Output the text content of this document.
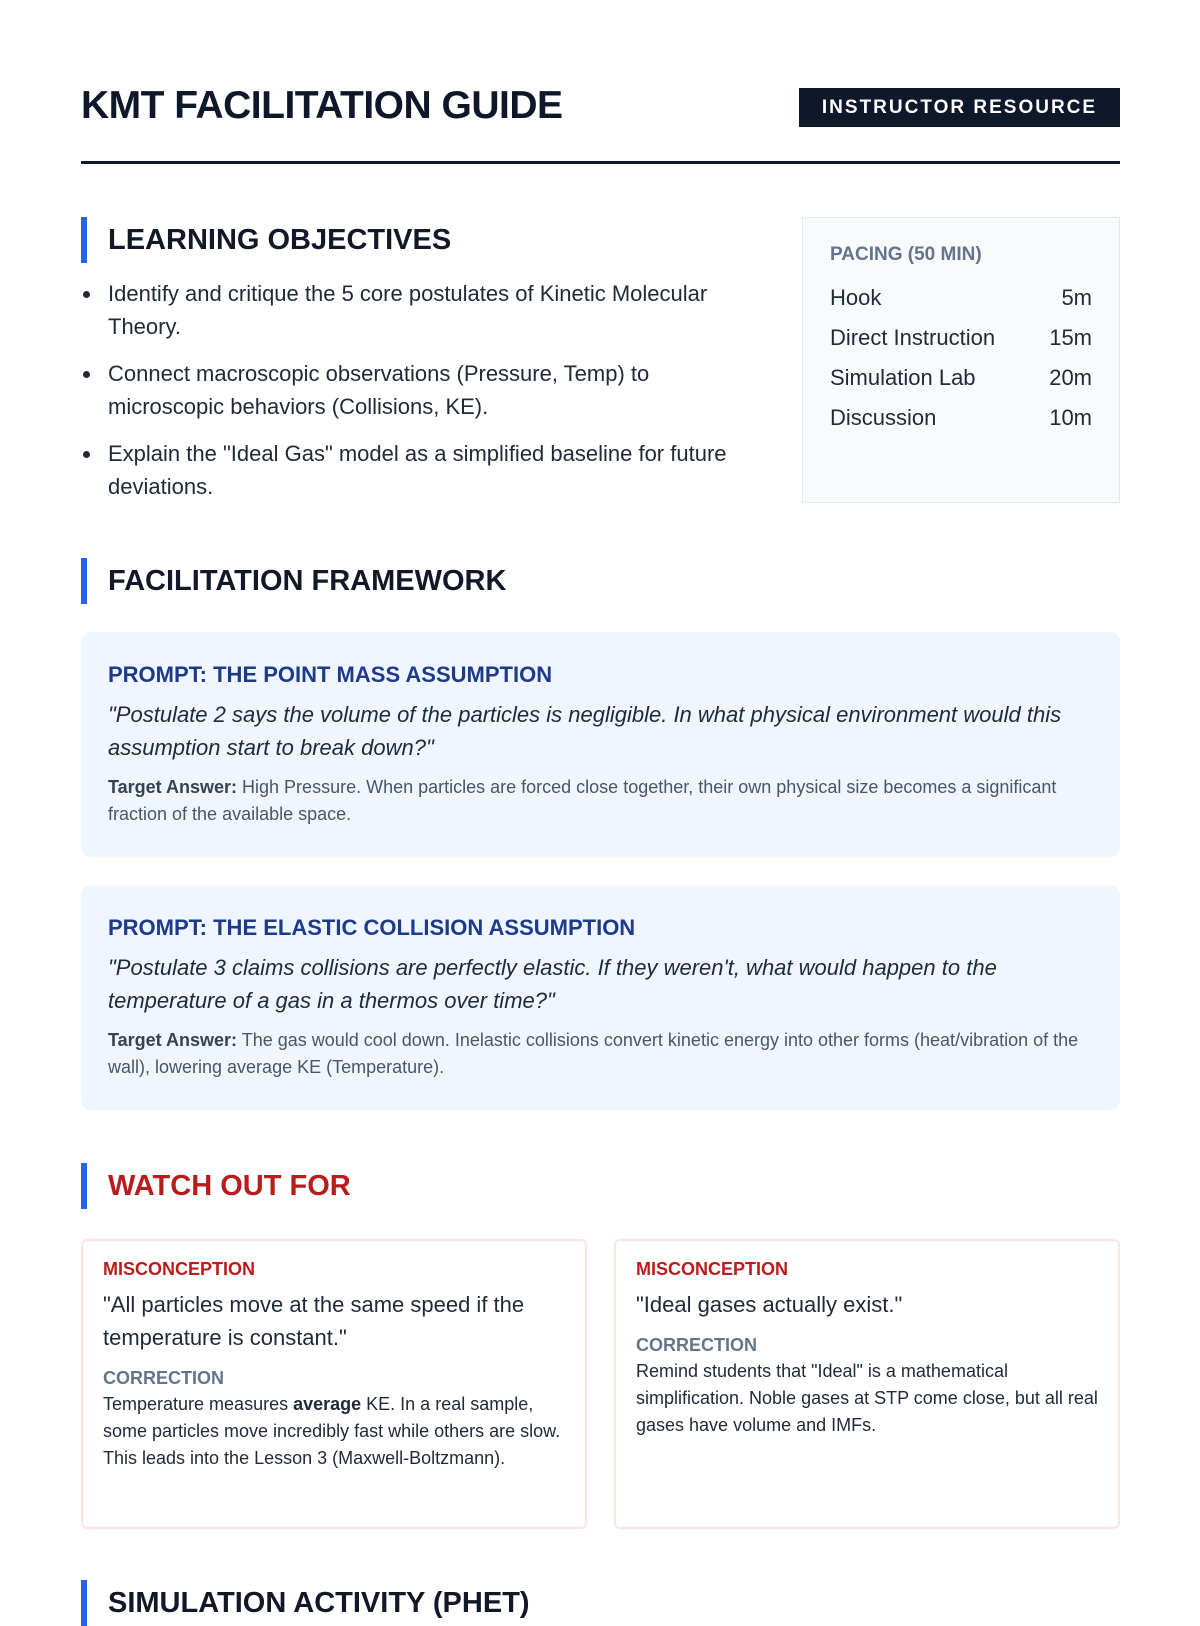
KMT FACILITATION GUIDE	INSTRUCTOR RESOURCE
LEARNING OBJECTIVES
Identify and critique the 5 core postulates of Kinetic Molecular Theory.
Connect macroscopic observations (Pressure, Temp) to microscopic behaviors (Collisions, KE).
Explain the "Ideal Gas" model as a simplified baseline for future deviations.
PACING (50 MIN)
Hook	5m
Direct Instruction 15m
Simulation Lab	20m
Discussion	10m
FACILITATION FRAMEWORK
PROMPT: THE POINT MASS ASSUMPTION
"Postulate 2 says the volume of the particles is negligible. In what physical environment would this assumption start to break down?"
Target Answer: High Pressure. When particles are forced close together, their own physical size becomes a significant fraction of the available space.
PROMPT: THE ELASTIC COLLISION ASSUMPTION
"Postulate 3 claims collisions are perfectly elastic. If they weren't, what would happen to the temperature of a gas in a thermos over time?"
Target Answer: The gas would cool down. Inelastic collisions convert kinetic energy into other forms (heat/vibration of the wall), lowering average KE (Temperature).
WATCH OUT FOR
MISCONCEPTION
"All particles move at the same speed if the temperature is constant."
CORRECTION
Temperature measures average KE. In a real sample, some particles move incredibly fast while others are slow. This leads into the Lesson 3 (Maxwell-Boltzmann).
MISCONCEPTION
"Ideal gases actually exist."
CORRECTION
Remind students that "Ideal" is a mathematical simplification. Noble gases at STP come close, but all real gases have volume and IMFs.
SIMULATION ACTIVITY (PHET)
